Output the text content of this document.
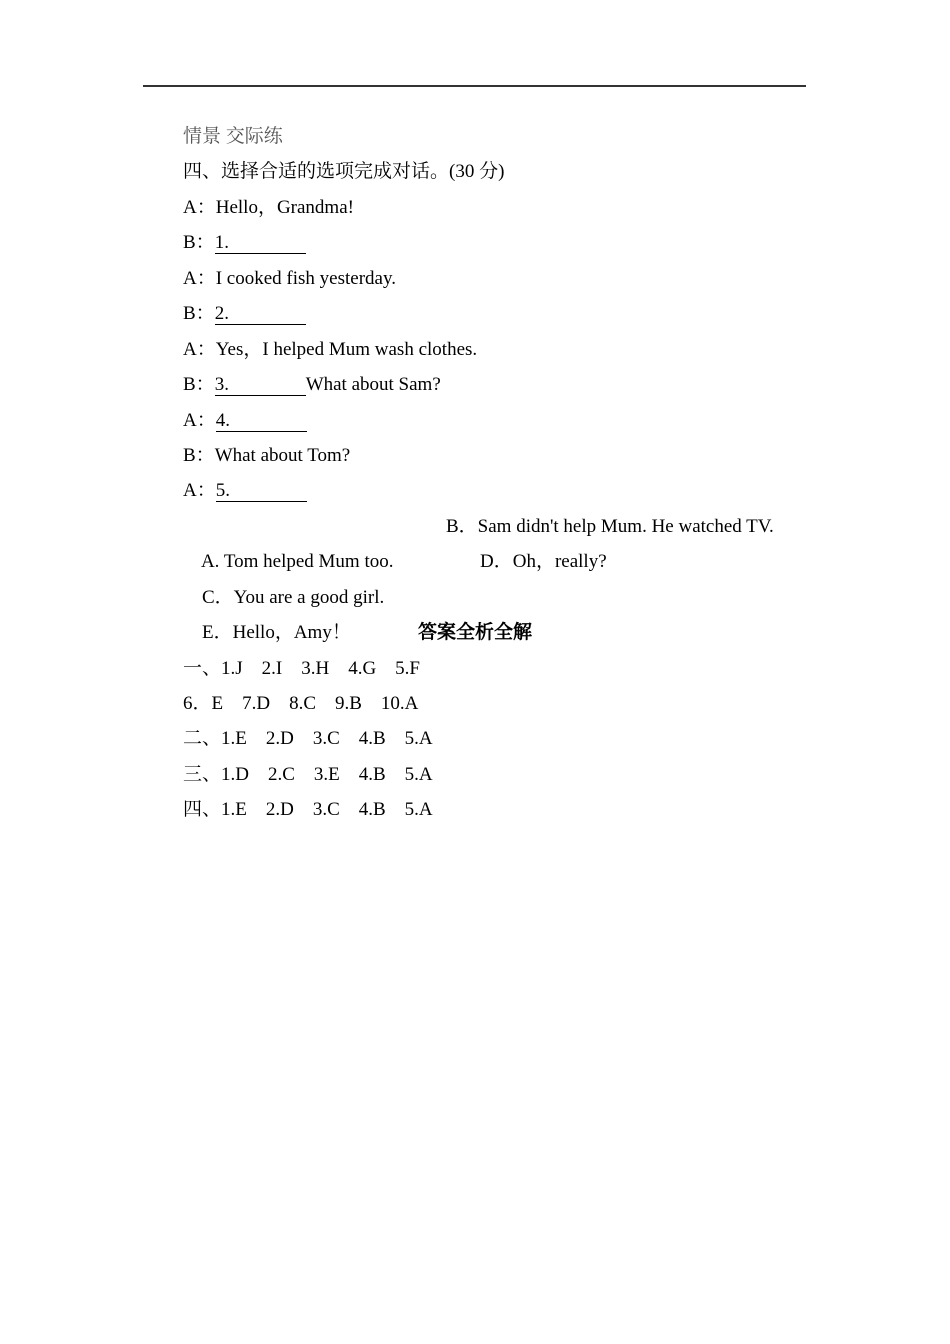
情景 交际练
四、选择合适的选项完成对话。(30 分)
A：Hello，Grandma!
B：1.
A：I cooked fish yesterday.
B：2.
A：Yes，I helped Mum wash clothes.
B：3.	What about Sam?
A：4.
B：What about Tom?
A：5.

A. Tom helped Mum too.

B．Sam didn't help Mum. He watched TV.

C．You are a good girl.

D．Oh，really?

E．Hello，Amy！
	答案全析全解
一、1.J　2.I　3.H　4.G　5.F
6．E　7.D　8.C　9.B　10.A
二、1.E　2.D　3.C　4.B　5.A
三、1.D　2.C　3.E　4.B　5.A
四、1.E　2.D　3.C　4.B　5.A
